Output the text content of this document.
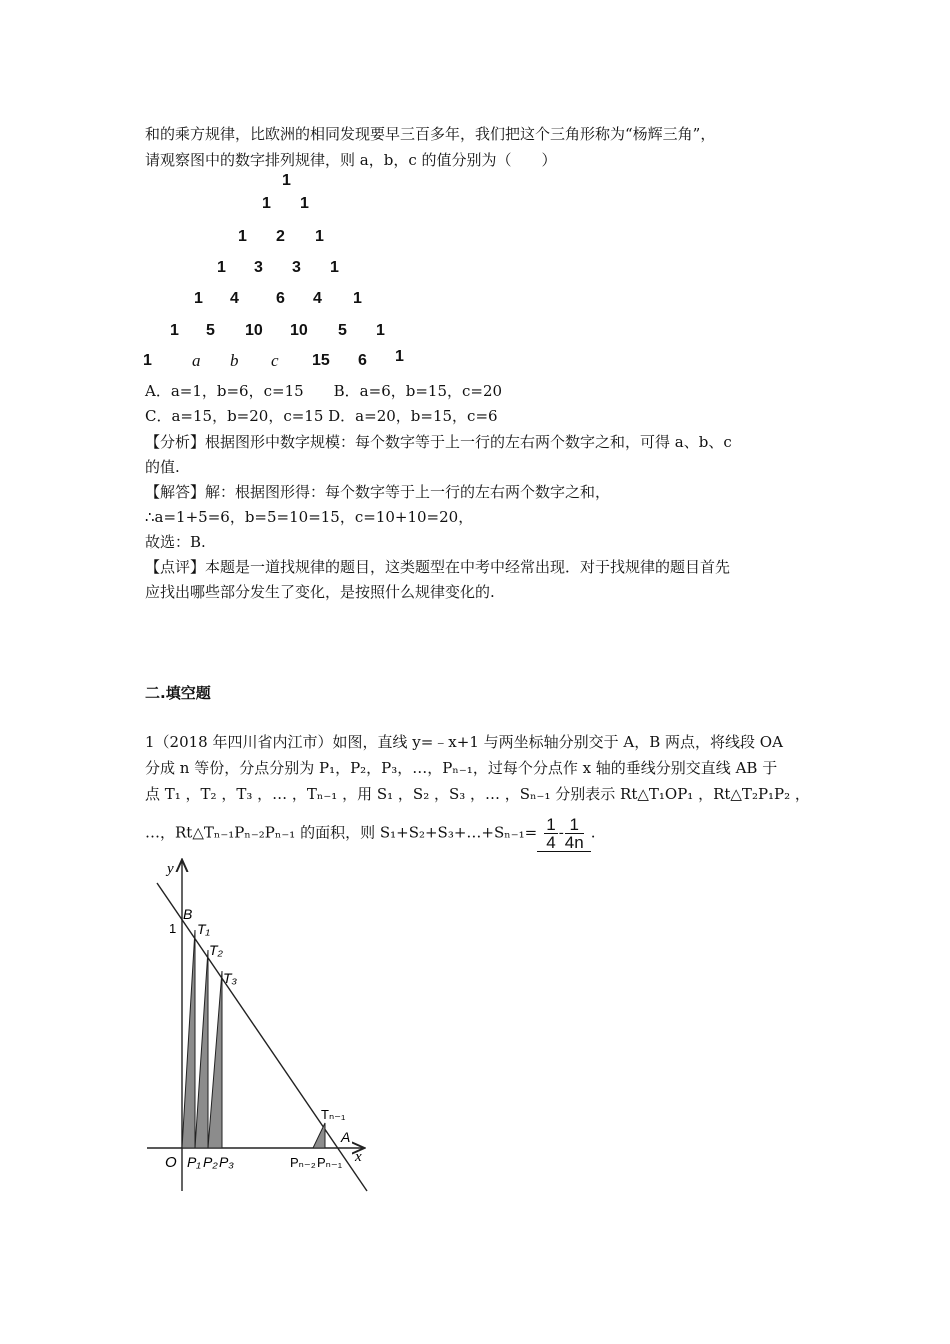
和的乘方规律，比欧洲的相同发现要早三百多年，我们把这个三角形称为“杨辉三角”，
请观察图中的数字排列规律，则 a，b，c 的值分别为（　　）
1
1 1
1 2 1
1 3 3 1
1 4 6 4 1
1 5 10 10 5 1
1 a b c 15 6 1
A．a=1，b=6，c=15　　B．a=6，b=15，c=20
C．a=15，b=20，c=15 D．a=20，b=15，c=6
【分析】根据图形中数字规模：每个数字等于上一行的左右两个数字之和，可得 a、b、c
的值.
【解答】解：根据图形得：每个数字等于上一行的左右两个数字之和，
∴a=1+5=6，b=5=10=15，c=10+10=20，
故选：B.
【点评】本题是一道找规律的题目，这类题型在中考中经常出现．对于找规律的题目首先
应找出哪些部分发生了变化，是按照什么规律变化的.
二.填空题
1（2018 年四川省内江市）如图，直线 y=﹣x+1 与两坐标轴分别交于 A，B 两点，将线段 OA
分成 n 等份，分点分别为 P₁，P₂，P₃，…，Pₙ₋₁，过每个分点作 x 轴的垂线分别交直线 AB 于
点 T₁ ，T₂ ，T₃ ，… ，Tₙ₋₁ ，用 S₁ ，S₂ ，S₃ ，… ，Sₙ₋₁ 分别表示 Rt△T₁OP₁ ，Rt△T₂P₁P₂ ，
…，Rt△Tₙ₋₁Pₙ₋₂Pₙ₋₁ 的面积，则 S₁+S₂+S₃+…+Sₙ₋₁= $\frac{1}{4} - \frac{1}{4n}$ .
y
x
O
1
B
A
T₁
T₂
T₃
Tₙ₋₁
P₁ P₂ P₃	Pₙ₋₂ Pₙ₋₁
